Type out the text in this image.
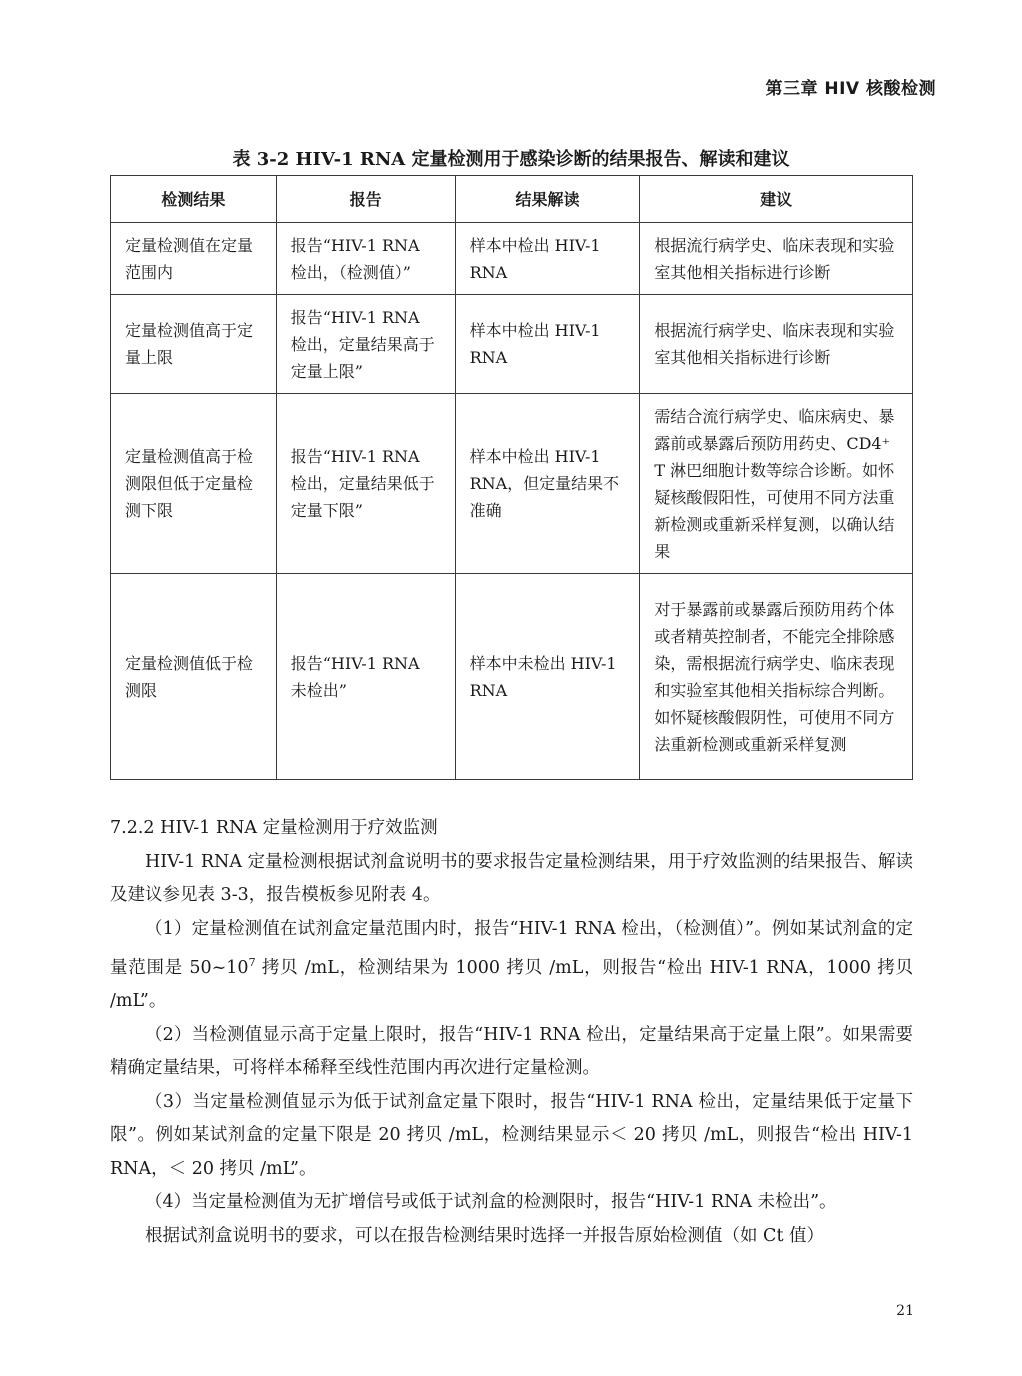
第三章 HIV 核酸检测
表 3-2 HIV-1 RNA 定量检测用于感染诊断的结果报告、解读和建议
检测结果	报告	结果解读	建议
定量检测值在定量范围内	报告“HIV-1 RNA 检出，（检测值）”	样本中检出 HIV-1 RNA	根据流行病学史、临床表现和实验室其他相关指标进行诊断
定量检测值高于定量上限	报告“HIV-1 RNA 检出，定量结果高于定量上限”	样本中检出 HIV-1 RNA	根据流行病学史、临床表现和实验室其他相关指标进行诊断
定量检测值高于检测限但低于定量检测下限	报告“HIV-1 RNA 检出，定量结果低于定量下限”	样本中检出 HIV-1 RNA，但定量结果不准确	需结合流行病学史、临床病史、暴露前或暴露后预防用药史、CD4⁺ T 淋巴细胞计数等综合诊断。如怀疑核酸假阳性，可使用不同方法重新检测或重新采样复测，以确认结果
定量检测值低于检测限	报告“HIV-1 RNA 未检出”	样本中未检出 HIV-1 RNA	对于暴露前或暴露后预防用药个体或者精英控制者，不能完全排除感染，需根据流行病学史、临床表现和实验室其他相关指标综合判断。如怀疑核酸假阴性，可使用不同方法重新检测或重新采样复测

7.2.2 HIV-1 RNA 定量检测用于疗效监测

HIV-1 RNA 定量检测根据试剂盒说明书的要求报告定量检测结果，用于疗效监测的结果报告、解读及建议参见表 3-3，报告模板参见附表 4。

（1）定量检测值在试剂盒定量范围内时，报告“HIV-1 RNA 检出，（检测值）”。例如某试剂盒的定量范围是 $50\sim 10^7$ 拷贝 /mL，检测结果为 1000 拷贝 /mL，则报告“检出 HIV-1 RNA，1000 拷贝 /mL”。

（2）当检测值显示高于定量上限时，报告“HIV-1 RNA 检出，定量结果高于定量上限”。如果需要精确定量结果，可将样本稀释至线性范围内再次进行定量检测。

（3）当定量检测值显示为低于试剂盒定量下限时，报告“HIV-1 RNA 检出，定量结果低于定量下限”。例如某试剂盒的定量下限是 20 拷贝 /mL，检测结果显示＜ 20 拷贝 /mL，则报告“检出 HIV-1 RNA，＜ 20 拷贝 /mL”。

（4）当定量检测值为无扩增信号或低于试剂盒的检测限时，报告“HIV-1 RNA 未检出”。

根据试剂盒说明书的要求，可以在报告检测结果时选择一并报告原始检测值（如 Ct 值）

21
